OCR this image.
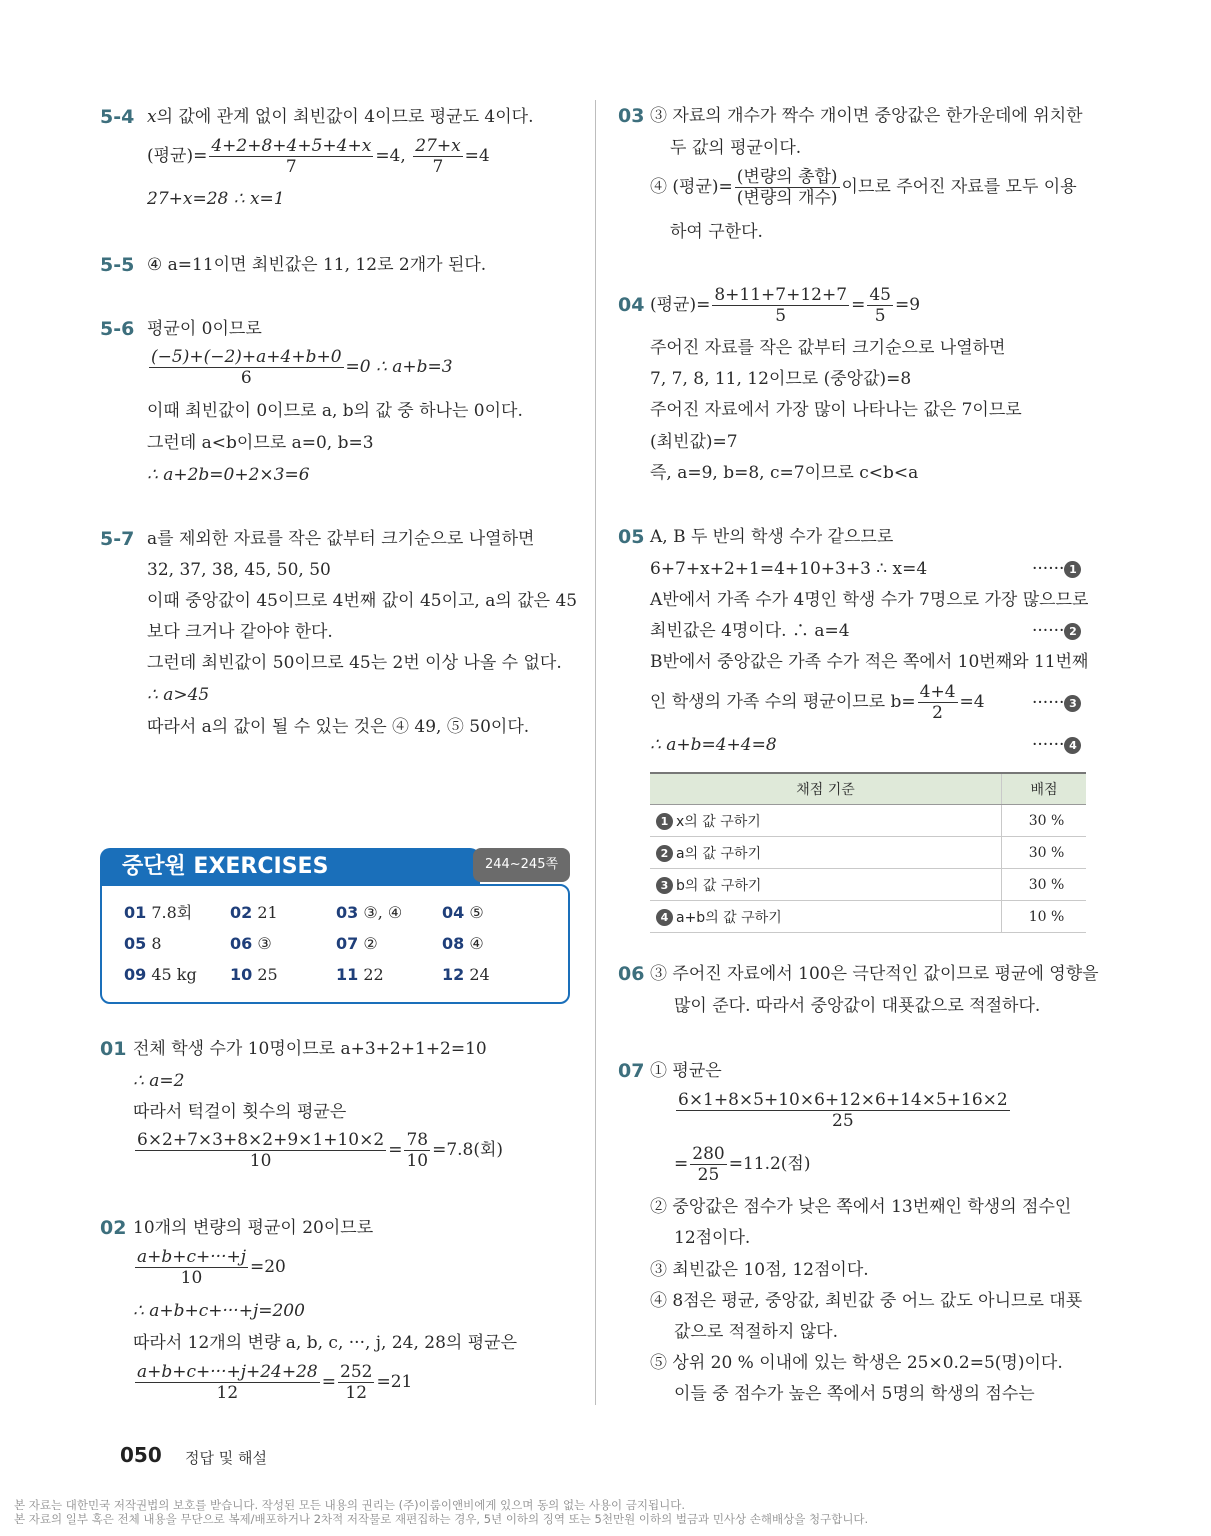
5-4 x의 값에 관계 없이 최빈값이 4이므로 평균도 4이다.
(평균)= $\frac{4+2+8+4+5+4+x}{7} =4$, $\frac{27+x}{7} =4$
27+x=28 ∴ x=1
5-5 ④ a=11이면 최빈값은 11, 12로 2개가 된다.
5-6 평균이 0이므로
$\frac{(-5)+(-2)+a+4+b+0}{6} =0$ ∴ a+b=3
이때 최빈값이 0이므로 a, b의 값 중 하나는 0이다.
그런데 a<b이므로 a=0, b=3
∴ a+2b=0+2×3=6
5-7 a를 제외한 자료를 작은 값부터 크기순으로 나열하면
32, 37, 38, 45, 50, 50
이때 중앙값이 45이므로 4번째 값이 45이고, a의 값은 45
보다 크거나 같아야 한다.
그런데 최빈값이 50이므로 45는 2번 이상 나올 수 없다.
∴ a>45
따라서 a의 값이 될 수 있는 것은 ④ 49, ⑤ 50이다.
01 7.8회 02 21	03 ③, ④ 04 ⑤
05 8	06 ③	07 ②	08 ④
09 45 kg 10 25	11 22	12 24
중단원 EXERCISES	244~245쪽
01 전체 학생 수가 10명이므로 a+3+2+1+2=10
∴ a=2
따라서 턱걸이 횟수의 평균은
$\frac{6\times 2+7\times 3+8\times 2+9\times 1+10\times 2}{10} = \frac{78}{10} =7.8$(회)
02 10개의 변량의 평균이 20이므로
$\frac{a+b+c+\cdot\cdot\cdot+j}{10} =20$
∴ a+b+c+···+j=200
따라서 12개의 변량 a, b, c, ···, j, 24, 28의 평균은
$\frac{a+b+c+\cdot\cdot\cdot+j+24+28}{12} = \frac{252}{12} =21$
03 ③ 자료의 개수가 짝수 개이면 중앙값은 한가운데에 위치한
두 값의 평균이다.
④ (평균)= $\frac{\text{(변량의 총합)}}{\text{(변량의 개수)}}$ 이므로 주어진 자료를 모두 이용
하여 구한다.
04 (평균)= $\frac{8+11+7+12+7}{5} = \frac{45}{5} =9$
주어진 자료를 작은 값부터 크기순으로 나열하면
7, 7, 8, 11, 12이므로 (중앙값)=8
주어진 자료에서 가장 많이 나타나는 값은 7이므로
(최빈값)=7
즉, a=9, b=8, c=7이므로 c<b<a
05 A, B 두 반의 학생 수가 같으므로
6+7+x+2+1=4+10+3+3 ∴ x=4	······ 1
A반에서 가족 수가 4명인 학생 수가 7명으로 가장 많으므로
최빈값은 4명이다. ∴ a=4	······ 2
B반에서 중앙값은 가족 수가 적은 쪽에서 10번째와 11번째
인 학생의 가족 수의 평균이므로 $b= \frac{4+4}{2} =4$	······ 3
∴ a+b=4+4=8	······ 4
채점 기준	배점
1 x의 값 구하기	30 %
2 a의 값 구하기	30 %
3 b의 값 구하기	30 %
4 a+b의 값 구하기	10 %
06 ③ 주어진 자료에서 100은 극단적인 값이므로 평균에 영향을
많이 준다. 따라서 중앙값이 대푯값으로 적절하다.
07 ① 평균은
$\frac{6\times 1+8\times 5+10\times 6+12\times 6+14\times 5+16\times 2}{25}$
= $\frac{280}{25} =11.2$(점)
② 중앙값은 점수가 낮은 쪽에서 13번째인 학생의 점수인
12점이다.
③ 최빈값은 10점, 12점이다.
④ 8점은 평균, 중앙값, 최빈값 중 어느 값도 아니므로 대푯
값으로 적절하지 않다.
⑤ 상위 20 % 이내에 있는 학생은 25×0.2=5(명)이다.
이들 중 점수가 높은 쪽에서 5명의 학생의 점수는
050 정답 및 해설
본 자료는 대한민국 저작권법의 보호를 받습니다. 작성된 모든 내용의 권리는 (주)이룸이앤비에게 있으며 동의 없는 사용이 금지됩니다.
본 자료의 일부 혹은 전체 내용을 무단으로 복제/배포하거나 2차적 저작물로 재편집하는 경우, 5년 이하의 징역 또는 5천만원 이하의 벌금과 민사상 손해배상을 청구합니다.
